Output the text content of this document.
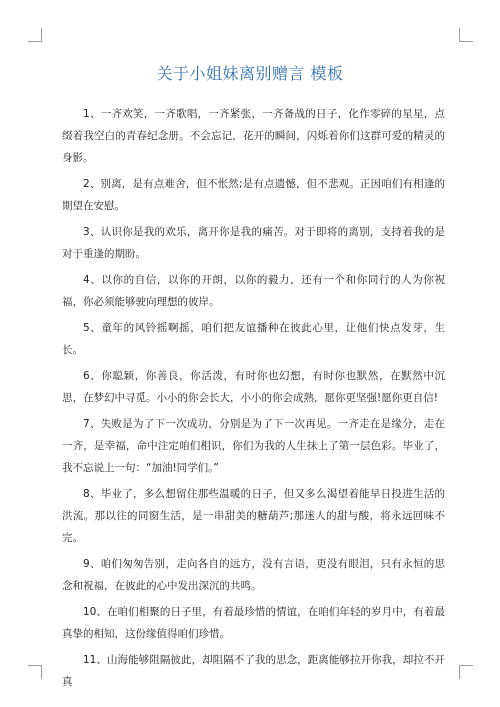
关于小姐妹离别赠言 模板

1、一齐欢笑，一齐歌唱，一齐紧张，一齐备战的日子，化作零碎的星星，点缀着我空白的青春纪念册。不会忘记，花开的瞬间，闪烁着你们这群可爱的精灵的身影。

2、别离，是有点难舍，但不怅然;是有点遗憾，但不悲观。正因咱们有相逢的期望在安慰。

3、认识你是我的欢乐，离开你是我的痛苦。对于即将的离别，支持着我的是对于重逢的期盼。

4、以你的自信，以你的开朗，以你的毅力，还有一个和你同行的人为你祝福，你必须能够驶向理想的彼岸。

5、童年的风铃摇啊摇，咱们把友谊播种在彼此心里，让他们快点发芽，生长。

6、你聪颖，你善良，你活泼，有时你也幻想，有时你也默然，在默然中沉思，在梦幻中寻觅。小小的你会长大，小小的你会成熟，愿你更坚强!愿你更自信!

7、失败是为了下一次成功，分别是为了下一次再见。一齐走在是缘分，走在一齐，是幸福，命中注定咱们相识，你们为我的人生抹上了第一层色彩。毕业了，我不忘说上一句：“加油!同学们。”

8、毕业了，多么想留住那些温暖的日子，但又多么渴望着能早日投进生活的洪流。那以往的同窗生活，是一串甜美的糖葫芦;那迷人的甜与酸，将永远回味不完。

9、咱们匆匆告别，走向各自的远方，没有言语，更没有眼泪，只有永恒的思念和祝福，在彼此的心中发出深沉的共鸣。

10、在咱们相聚的日子里，有着最珍惜的情谊，在咱们年轻的岁月中，有着最真挚的相知，这份缘值得咱们珍惜。

11、山海能够阻隔彼此，却阻隔不了我的思念，距离能够拉开你我，却拉不开真
